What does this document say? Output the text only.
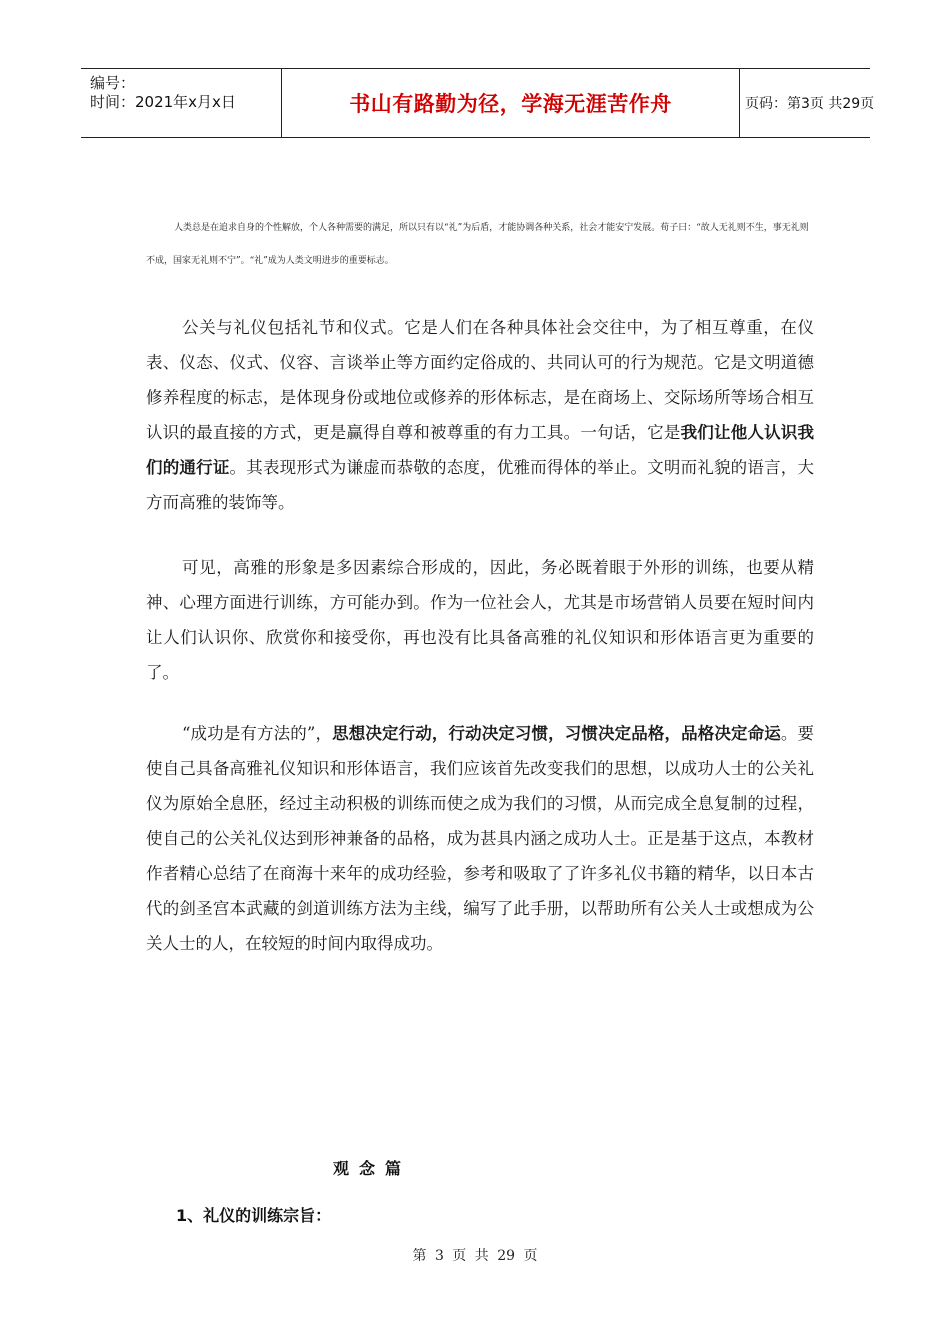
编号：
时间：2021年x月x日	书山有路勤为径，学海无涯苦作舟	页码：第3页 共29页
人类总是在追求自身的个性解放，个人各种需要的满足，所以只有以“礼”为后盾，才能协调各种关系，社会才能安宁发展。荀子曰：“故人无礼则不生，事无礼则不成，国家无礼则不宁”。“礼”成为人类文明进步的重要标志。
公关与礼仪包括礼节和仪式。它是人们在各种具体社会交往中，为了相互尊重，在仪表、仪态、仪式、仪容、言谈举止等方面约定俗成的、共同认可的行为规范。它是文明道德修养程度的标志，是体现身份或地位或修养的形体标志，是在商场上、交际场所等场合相互认识的最直接的方式，更是赢得自尊和被尊重的有力工具。一句话，它是我们让他人认识我们的通行证。其表现形式为谦虚而恭敬的态度，优雅而得体的举止。文明而礼貌的语言，大方而高雅的装饰等。
可见，高雅的形象是多因素综合形成的，因此，务必既着眼于外形的训练，也要从精神、心理方面进行训练，方可能办到。作为一位社会人，尤其是市场营销人员要在短时间内让人们认识你、欣赏你和接受你，再也没有比具备高雅的礼仪知识和形体语言更为重要的了。
“成功是有方法的”，思想决定行动，行动决定习惯，习惯决定品格，品格决定命运。要使自己具备高雅礼仪知识和形体语言，我们应该首先改变我们的思想，以成功人士的公关礼仪为原始全息胚，经过主动积极的训练而使之成为我们的习惯，从而完成全息复制的过程，使自己的公关礼仪达到形神兼备的品格，成为甚具内涵之成功人士。正是基于这点，本教材作者精心总结了在商海十来年的成功经验，参考和吸取了了许多礼仪书籍的精华，以日本古代的剑圣宫本武藏的剑道训练方法为主线，编写了此手册，以帮助所有公关人士或想成为公关人士的人，在较短的时间内取得成功。
观念篇
1、礼仪的训练宗旨：
第 3 页 共 29 页
